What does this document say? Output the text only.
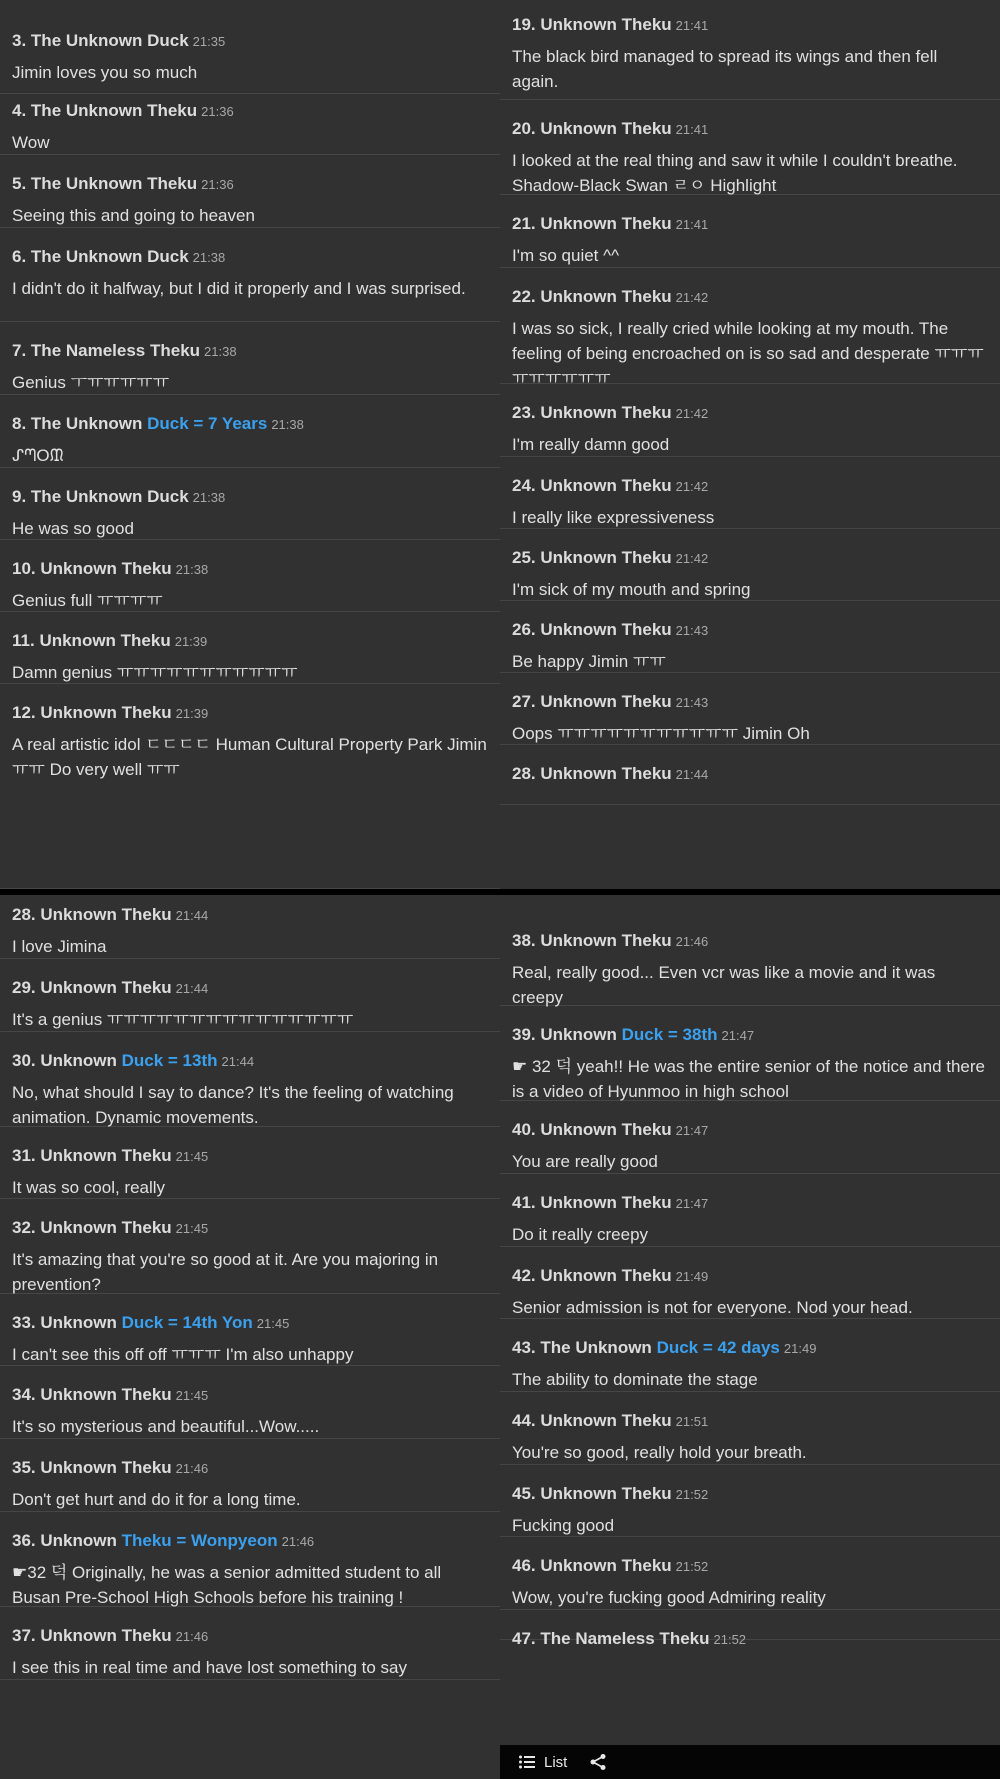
3. The Unknown Duck 21:35
Jimin loves you so much
4. The Unknown Theku 21:36
Wow
5. The Unknown Theku 21:36
Seeing this and going to heaven
6. The Unknown Duck 21:38
I didn't do it halfway, but I did it properly and I was surprised.
7. The Nameless Theku 21:38
Genius ㅜㅠㅠㅠㅠㅠ
8. The Unknown Duck = 7 Years 21:38
ᔑᘉOᙢ
9. The Unknown Duck 21:38
He was so good
10. Unknown Theku 21:38
Genius full ㅠㅠㅠㅠ
11. Unknown Theku 21:39
Damn genius ㅠㅠㅠㅠㅠㅠㅠㅠㅠㅠㅠ
12. Unknown Theku 21:39
A real artistic idol ㄷㄷㄷㄷ Human Cultural Property Park Jimin ㅠㅠ Do very well ㅠㅠ
19. Unknown Theku 21:41
The black bird managed to spread its wings and then fell again.
20. Unknown Theku 21:41
I looked at the real thing and saw it while I couldn't breathe. Shadow-Black Swan ㄹㅇ Highlight
21. Unknown Theku 21:41
I'm so quiet ^^
22. Unknown Theku 21:42
I was so sick, I really cried while looking at my mouth. The feeling of being encroached on is so sad and desperate ㅠㅠㅠㅠㅠㅠㅠㅠㅠ
23. Unknown Theku 21:42
I'm really damn good
24. Unknown Theku 21:42
I really like expressiveness
25. Unknown Theku 21:42
I'm sick of my mouth and spring
26. Unknown Theku 21:43
Be happy Jimin ㅠㅠ
27. Unknown Theku 21:43
Oops ㅠㅠㅠㅠㅠㅠㅠㅠㅠㅠㅠ Jimin Oh
28. Unknown Theku 21:44
28. Unknown Theku 21:44
I love Jimina
29. Unknown Theku 21:44
It's a genius ㅠㅠㅠㅠㅠㅠㅠㅠㅠㅠㅠㅠㅠㅠㅠ
30. Unknown Duck = 13th 21:44
No, what should I say to dance? It's the feeling of watching animation. Dynamic movements.
31. Unknown Theku 21:45
It was so cool, really
32. Unknown Theku 21:45
It's amazing that you're so good at it. Are you majoring in prevention?
33. Unknown Duck = 14th Yon 21:45
I can't see this off off ㅠㅠㅠ I'm also unhappy
34. Unknown Theku 21:45
It's so mysterious and beautiful...Wow.....
35. Unknown Theku 21:46
Don't get hurt and do it for a long time.
36. Unknown Theku = Wonpyeon 21:46
☛32 덕 Originally, he was a senior admitted student to all Busan Pre-School High Schools before his training !
37. Unknown Theku 21:46
I see this in real time and have lost something to say
38. Unknown Theku 21:46
Real, really good... Even vcr was like a movie and it was creepy
39. Unknown Duck = 38th 21:47
☛ 32 덕 yeah!! He was the entire senior of the notice and there is a video of Hyunmoo in high school
40. Unknown Theku 21:47
You are really good
41. Unknown Theku 21:47
Do it really creepy
42. Unknown Theku 21:49
Senior admission is not for everyone. Nod your head.
43. The Unknown Duck = 42 days 21:49
The ability to dominate the stage
44. Unknown Theku 21:51
You're so good, really hold your breath.
45. Unknown Theku 21:52
Fucking good
46. Unknown Theku 21:52
Wow, you're fucking good Admiring reality
47. The Nameless Theku 21:52
List
